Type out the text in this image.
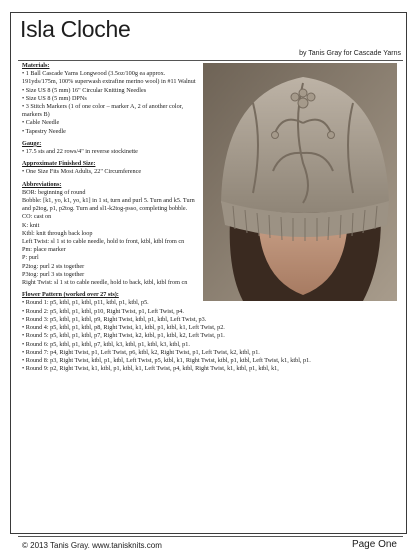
Isla Cloche
by Tanis Gray for Cascade Yarns

Materials:

• 1 Ball Cascade Yarns Longwood (3.5oz/100g ea approx. 191yds/175m, 100% superwash extrafine merino wool) in #11 Walnut

• Size US 8 (5 mm) 16" Circular Knitting Needles

• Size US 8 (5 mm) DPNs

• 3 Stitch Markers (1 of one color – marker A, 2 of another color, markers B)

• Cable Needle

• Tapestry Needle

Gauge:

• 17.5 sts and 22 rows/4" in reverse stockinette

Approximate Finished Size:

• One Size Fits Most Adults, 22" Circumference

Abbreviations:

BOR: beginning of round

Bobble: [k1, yo, k1, yo, k1] in 1 st, turn and purl 5. Turn and k5. Turn and p2tog, p1, p2tog. Turn and sl1-k2tog-psso, completing bobble.

CO: cast on

K: knit

Ktbl: knit through back loop

Left Twist: sl 1 st to cable needle, hold to front, ktbl, ktbl from cn

Pm: place marker

P: purl

P2tog: purl 2 sts together

P3tog: purl 3 sts together

Right Twist: sl 1 st to cable needle, hold to back, ktbl, ktbl from cn

Flower Pattern (worked over 27 sts):

• Round 1: p5, ktbl, p1, ktbl, p11, ktbl, p1, ktbl, p5.

• Round 2: p5, ktbl, p1, ktbl, p10, Right Twist, p1, Left Twist, p4.

• Round 3: p5, ktbl, p1, ktbl, p9, Right Twist, ktbl, p1, ktbl, Left Twist, p3.

• Round 4: p5, ktbl, p1, ktbl, p8, Right Twist, k1, ktbl, p1, ktbl, k1, Left Twist, p2.

• Round 5: p5, ktbl, p1, ktbl, p7, Right Twist, k2, ktbl, p1, ktbl, k2, Left Twist, p1.

• Round 6: p5, ktbl, p1, ktbl, p7, ktbl, k3, ktbl, p1, ktbl, k3, ktbl, p1.

• Round 7: p4, Right Twist, p1, Left Twist, p6, ktbl, k2, Right Twist, p1, Left Twist, k2, ktbl, p1.

• Round 8: p3, Right Twist, ktbl, p1, ktbl, Left Twist, p5, ktbl, k1, Right Twist, ktbl, p1, ktbl, Left Twist, k1, ktbl, p1.

• Round 9: p2, Right Twist, k1, ktbl, p1, ktbl, k1, Left Twist, p4, ktbl, Right Twist, k1, ktbl, p1, ktbl, k1,

© 2013 Tanis Gray. www.tanisknits.com	Page One
